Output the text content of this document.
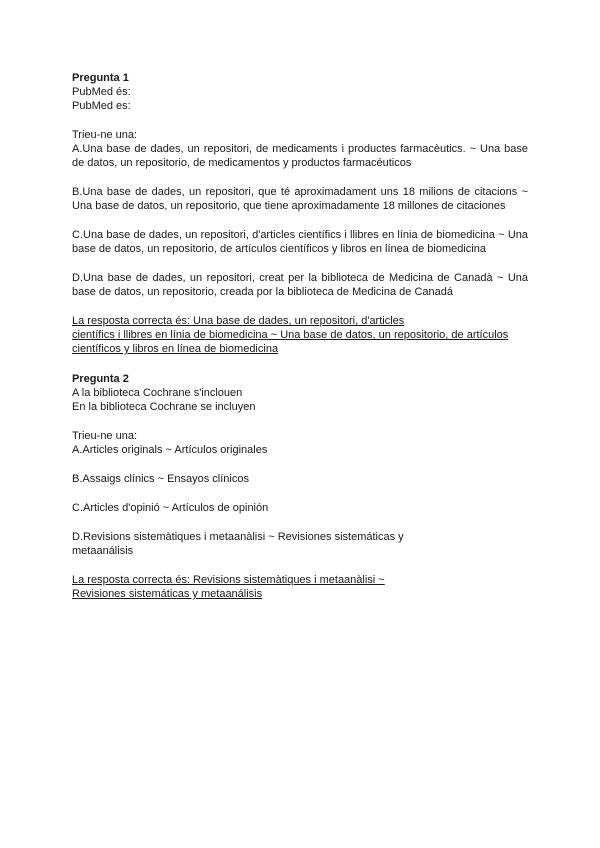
Pregunta 1

PubMed és:

PubMed es:

Trieu-ne una:

A.Una base de dades, un repositori, de medicaments i productes farmacèutics. ~ Una base de datos, un repositorio, de medicamentos y productos farmacéuticos

B.Una base de dades, un repositori, que té aproximadament uns 18 milions de citacions ~ Una base de datos, un repositorio, que tiene aproximadamente 18 millones de citaciones

C.Una base de dades, un repositori, d'articles científics i llibres en línia de biomedicina ~ Una base de datos, un repositorio, de artículos científicos y libros en línea de biomedicina

D.Una base de dades, un repositori, creat per la biblioteca de Medicina de Canadà ~ Una base de datos, un repositorio, creada por la biblioteca de Medicina de Canadá

La resposta correcta és: Una base de dades, un repositori, d'articles

científics i llibres en línia de biomedicina ~ Una base de datos, un repositorio, de artículos

científicos y libros en línea de biomedicina

Pregunta 2

A la biblioteca Cochrane s'inclouen

En la biblioteca Cochrane se incluyen

Trieu-ne una:

A.Articles originals ~ Artículos originales

B.Assaigs clínics ~ Ensayos clínicos

C.Articles d'opinió ~ Artículos de opinión

D.Revisions sistemàtiques i metaanàlisi ~ Revisiones sistemáticas y metaanálisis

La resposta correcta és: Revisions sistemàtiques i metaanàlisi ~

Revisiones sistemáticas y metaanálisis
